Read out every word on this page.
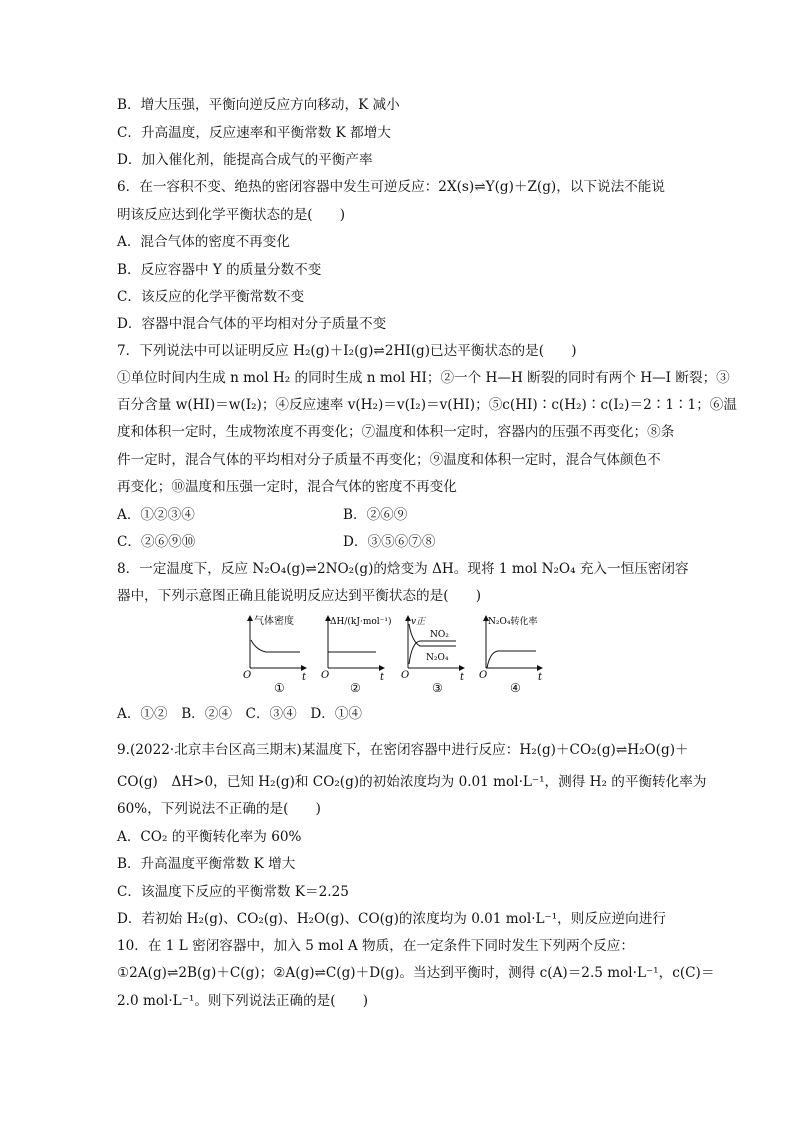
B．增大压强，平衡向逆反应方向移动，K 减小
C．升高温度，反应速率和平衡常数 K 都增大
D．加入催化剂，能提高合成气的平衡产率
6．在一容积不变、绝热的密闭容器中发生可逆反应：2X(s)⇌Y(g)＋Z(g)，以下说法不能说
明该反应达到化学平衡状态的是(　　)
A．混合气体的密度不再变化
B．反应容器中 Y 的质量分数不变
C．该反应的化学平衡常数不变
D．容器中混合气体的平均相对分子质量不变
7．下列说法中可以证明反应 H₂(g)＋I₂(g)⇌2HI(g)已达平衡状态的是(　　)
①单位时间内生成 n mol H₂ 的同时生成 n mol HI；②一个 H—H 断裂的同时有两个 H—I 断裂；③
百分含量 w(HI)＝w(I₂)；④反应速率 v(H₂)＝v(I₂)＝v(HI)；⑤c(HI)∶c(H₂)∶c(I₂)＝2∶1∶1；⑥温
度和体积一定时，生成物浓度不再变化；⑦温度和体积一定时，容器内的压强不再变化；⑧条
件一定时，混合气体的平均相对分子质量不再变化；⑨温度和体积一定时，混合气体颜色不
再变化；⑩温度和压强一定时，混合气体的密度不再变化
A．①②③④	B．②⑥⑨
C．②⑥⑨⑩	D．③⑤⑥⑦⑧
8．一定温度下，反应 N₂O₄(g)⇌2NO₂(g)的焓变为 ΔH。现将 1 mol N₂O₄ 充入一恒压密闭容
器中，下列示意图正确且能说明反应达到平衡状态的是(　　)
气体密度
t
O
①
ΔH/(kJ·mol⁻¹)
t
O
②
v正
NO₂
N₂O₄
t
O
③
N₂O₄转化率
t
O
④
A．①②　B．②④　C．③④　D．①④
9.(2022·北京丰台区高三期末)某温度下，在密闭容器中进行反应：H₂(g)＋CO₂(g)⇌H₂O(g)＋
CO(g)　ΔH>0，已知 H₂(g)和 CO₂(g)的初始浓度均为 0.01 mol·L⁻¹，测得 H₂ 的平衡转化率为
60%，下列说法不正确的是(　　)
A．CO₂ 的平衡转化率为 60%
B．升高温度平衡常数 K 增大
C．该温度下反应的平衡常数 K＝2.25
D．若初始 H₂(g)、CO₂(g)、H₂O(g)、CO(g)的浓度均为 0.01 mol·L⁻¹，则反应逆向进行
10．在 1 L 密闭容器中，加入 5 mol A 物质，在一定条件下同时发生下列两个反应：
①2A(g)⇌2B(g)＋C(g)；②A(g)⇌C(g)＋D(g)。当达到平衡时，测得 c(A)＝2.5 mol·L⁻¹，c(C)＝
2.0 mol·L⁻¹。则下列说法正确的是(　　)
